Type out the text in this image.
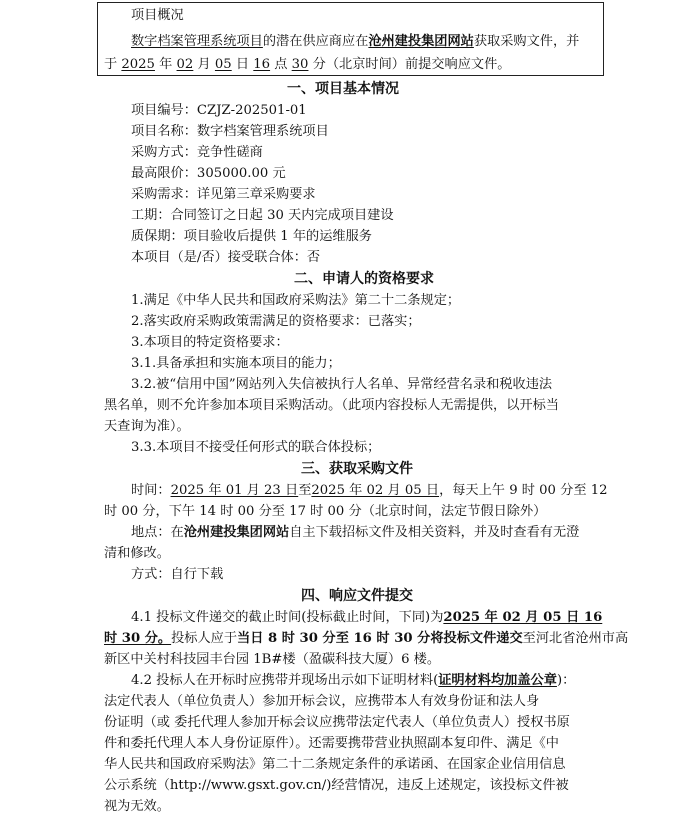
项目概况
数字档案管理系统项目的潜在供应商应在沧州建投集团网站获取采购文件，并
于 2025 年 02 月 05 日 16 点 30 分（北京时间）前提交响应文件。
一、项目基本情况
项目编号：CZJZ-202501-01
项目名称：数字档案管理系统项目
采购方式：竞争性磋商
最高限价：305000.00 元
采购需求：详见第三章采购要求
工期：合同签订之日起 30 天内完成项目建设
质保期：项目验收后提供 1 年的运维服务
本项目（是/否）接受联合体：否
二、申请人的资格要求
1.满足《中华人民共和国政府采购法》第二十二条规定；
2.落实政府采购政策需满足的资格要求：已落实；
3.本项目的特定资格要求：
3.1.具备承担和实施本项目的能力；
3.2.被“信用中国”网站列入失信被执行人名单、异常经营名录和税收违法
黑名单，则不允许参加本项目采购活动。（此项内容投标人无需提供，以开标当
天查询为准）。
3.3.本项目不接受任何形式的联合体投标；
三、获取采购文件
时间：2025 年 01 月 23 日至2025 年 02 月 05 日，每天上午 9 时 00 分至 12
时 00 分，下午 14 时 00 分至 17 时 00 分（北京时间，法定节假日除外）
地点：在沧州建投集团网站自主下载招标文件及相关资料，并及时查看有无澄
清和修改。
方式：自行下载
四、响应文件提交
4.1 投标文件递交的截止时间(投标截止时间，下同)为2025 年 02 月 05 日 16
时 30 分。投标人应于当日 8 时 30 分至 16 时 30 分将投标文件递交至河北省沧州市高
新区中关村科技园丰台园 1B#楼（盈碳科技大厦）6 楼。
4.2 投标人在开标时应携带并现场出示如下证明材料(证明材料均加盖公章)：
法定代表人（单位负责人）参加开标会议，应携带本人有效身份证和法人身
份证明（或 委托代理人参加开标会议应携带法定代表人（单位负责人）授权书原
件和委托代理人本人身份证原件）。还需要携带营业执照副本复印件、满足《中
华人民共和国政府采购法》第二十二条规定条件的承诺函、在国家企业信用信息
公示系统（http://www.gsxt.gov.cn/)经营情况，违反上述规定，该投标文件被
视为无效。
